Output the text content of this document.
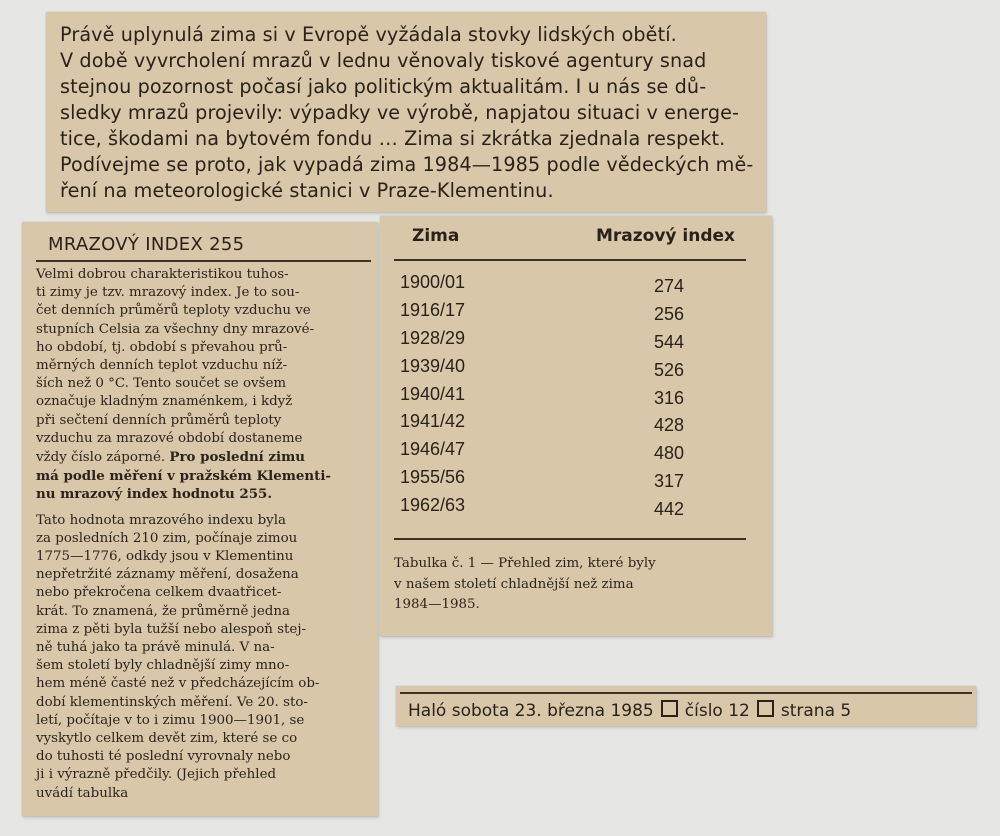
Právě uplynulá zima si v Evropě vyžádala stovky lidských obětí.
V době vyvrcholení mrazů v lednu věnovaly tiskové agentury snad
stejnou pozornost počasí jako politickým aktualitám. I u nás se dů-
sledky mrazů projevily: výpadky ve výrobě, napjatou situaci v energe-
tice, škodami na bytovém fondu … Zima si zkrátka zjednala respekt.
Podívejme se proto, jak vypadá zima 1984—1985 podle vědeckých mě-
ření na meteorologické stanici v Praze-Klementinu.
MRAZOVÝ INDEX 255
Velmi dobrou charakteristikou tuhos-
ti zimy je tzv. mrazový index. Je to sou-
čet denních průměrů teploty vzduchu ve
stupních Celsia za všechny dny mrazové-
ho období, tj. období s převahou prů-
měrných denních teplot vzduchu níž-
ších než 0 °C. Tento součet se ovšem
označuje kladným znaménkem, i když
při sečtení denních průměrů teploty
vzduchu za mrazové období dostaneme
vždy číslo záporné. Pro poslední zimu
má podle měření v pražském Klementi-
nu mrazový index hodnotu 255.
Tato hodnota mrazového indexu byla
za posledních 210 zim, počínaje zimou
1775—1776, odkdy jsou v Klementinu
nepřetržité záznamy měření, dosažena
nebo překročena celkem dvaatřicet-
krát. To znamená, že průměrně jedna
zima z pěti byla tužší nebo alespoň stej-
ně tuhá jako ta právě minulá. V na-
šem století byly chladnější zimy mno-
hem méně časté než v předcházejícím ob-
dobí klementinských měření. Ve 20. sto-
letí, počítaje v to i zimu 1900—1901, se
vyskytlo celkem devět zim, které se co
do tuhosti té poslední vyrovnaly nebo
ji i výrazně předčily. (Jejich přehled
uvádí tabulka
Zima	Mrazový index
1900/01	274
1916/17	256
1928/29	544
1939/40	526
1940/41	316
1941/42	428
1946/47	480
1955/56	317
1962/63	442
Tabulka č. 1 — Přehled zim, které byly
v našem století chladnější než zima
1984—1985.
Haló sobota 23. března 1985 číslo 12 strana 5
